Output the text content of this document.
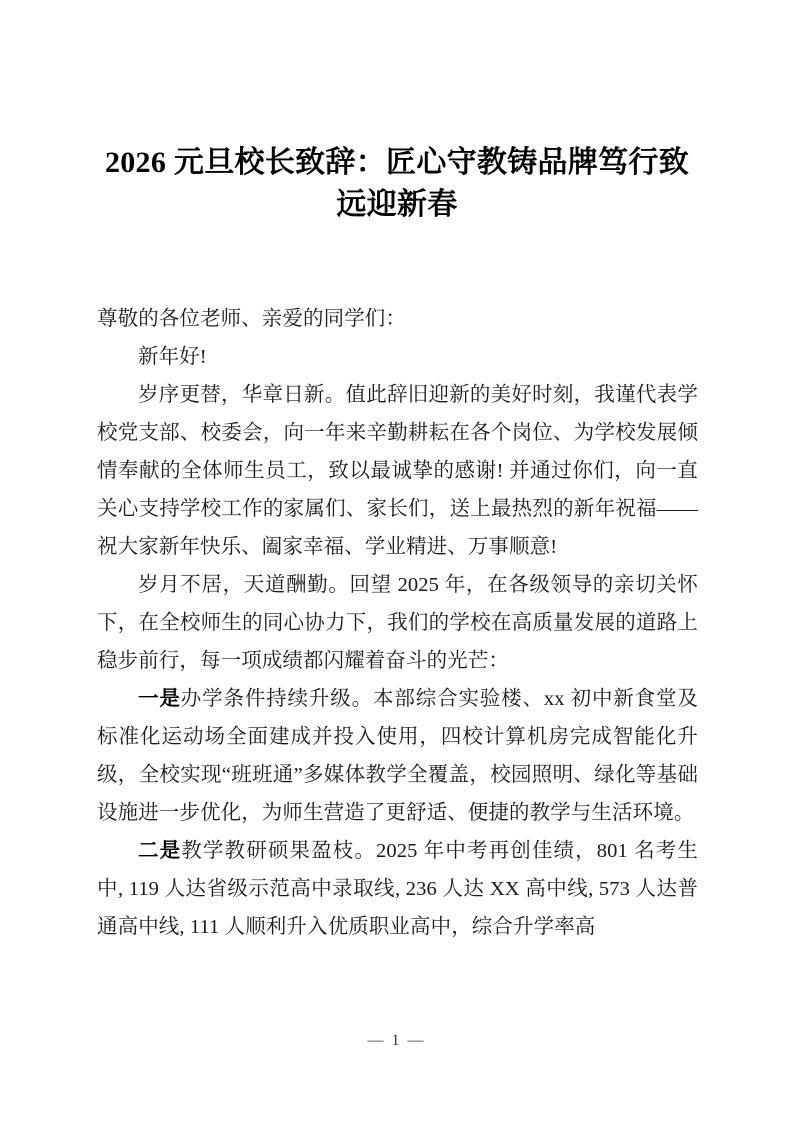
2026 元旦校长致辞：匠心守教铸品牌笃行致远迎新春

尊敬的各位老师、亲爱的同学们：

新年好!

岁序更替，华章日新。值此辞旧迎新的美好时刻，我谨代表学校党支部、校委会，向一年来辛勤耕耘在各个岗位、为学校发展倾情奉献的全体师生员工，致以最诚挚的感谢! 并通过你们，向一直关心支持学校工作的家属们、家长们，送上最热烈的新年祝福——祝大家新年快乐、阖家幸福、学业精进、万事顺意!

岁月不居，天道酬勤。回望 2025 年，在各级领导的亲切关怀下，在全校师生的同心协力下，我们的学校在高质量发展的道路上稳步前行，每一项成绩都闪耀着奋斗的光芒：

一是办学条件持续升级。本部综合实验楼、xx 初中新食堂及标准化运动场全面建成并投入使用，四校计算机房完成智能化升级，全校实现“班班通”多媒体教学全覆盖，校园照明、绿化等基础设施进一步优化，为师生营造了更舒适、便捷的教学与生活环境。

二是教学教研硕果盈枝。2025 年中考再创佳绩，801 名考生中, 119 人达省级示范高中录取线, 236 人达 XX 高中线, 573 人达普通高中线, 111 人顺利升入优质职业高中，综合升学率高

— 1 —
